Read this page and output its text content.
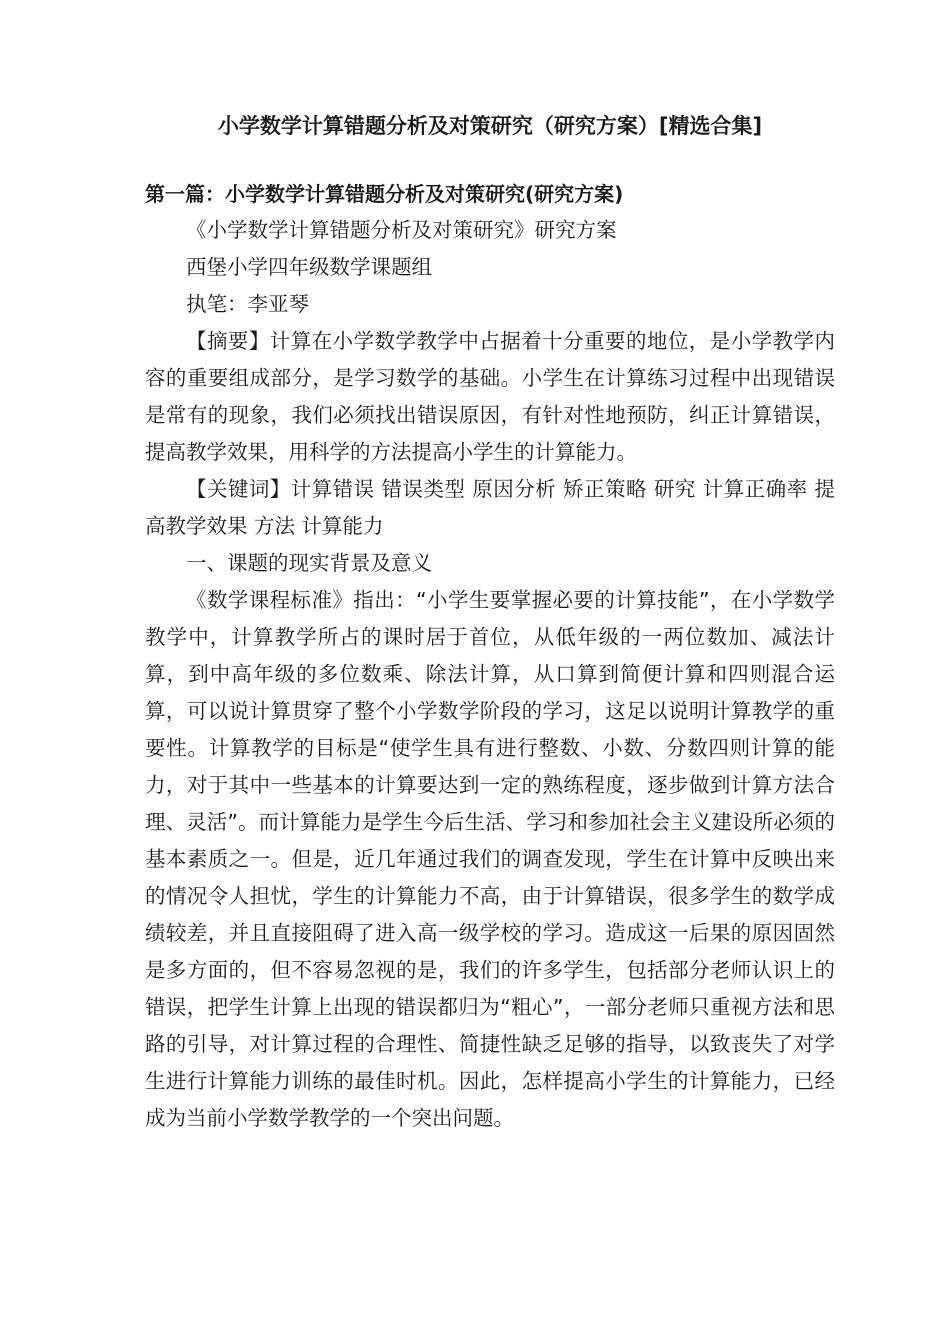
小学数学计算错题分析及对策研究（研究方案）[精选合集]
第一篇：小学数学计算错题分析及对策研究(研究方案)

《小学数学计算错题分析及对策研究》研究方案

西堡小学四年级数学课题组

执笔：李亚琴

【摘要】计算在小学数学教学中占据着十分重要的地位，是小学教学内容的重要组成部分，是学习数学的基础。小学生在计算练习过程中出现错误是常有的现象，我们必须找出错误原因，有针对性地预防，纠正计算错误，提高教学效果，用科学的方法提高小学生的计算能力。

【关键词】计算错误 错误类型 原因分析 矫正策略 研究 计算正确率 提高教学效果 方法 计算能力

一、课题的现实背景及意义

《数学课程标准》指出：“小学生要掌握必要的计算技能”，在小学数学教学中，计算教学所占的课时居于首位，从低年级的一两位数加、减法计算，到中高年级的多位数乘、除法计算，从口算到简便计算和四则混合运算，可以说计算贯穿了整个小学数学阶段的学习，这足以说明计算教学的重要性。计算教学的目标是“使学生具有进行整数、小数、分数四则计算的能力，对于其中一些基本的计算要达到一定的熟练程度，逐步做到计算方法合理、灵活”。而计算能力是学生今后生活、学习和参加社会主义建设所必须的基本素质之一。但是，近几年通过我们的调查发现，学生在计算中反映出来的情况令人担忧，学生的计算能力不高，由于计算错误，很多学生的数学成绩较差，并且直接阻碍了进入高一级学校的学习。造成这一后果的原因固然是多方面的，但不容易忽视的是，我们的许多学生，包括部分老师认识上的错误，把学生计算上出现的错误都归为“粗心”，一部分老师只重视方法和思路的引导，对计算过程的合理性、简捷性缺乏足够的指导，以致丧失了对学生进行计算能力训练的最佳时机。因此，怎样提高小学生的计算能力，已经成为当前小学数学教学的一个突出问题。
